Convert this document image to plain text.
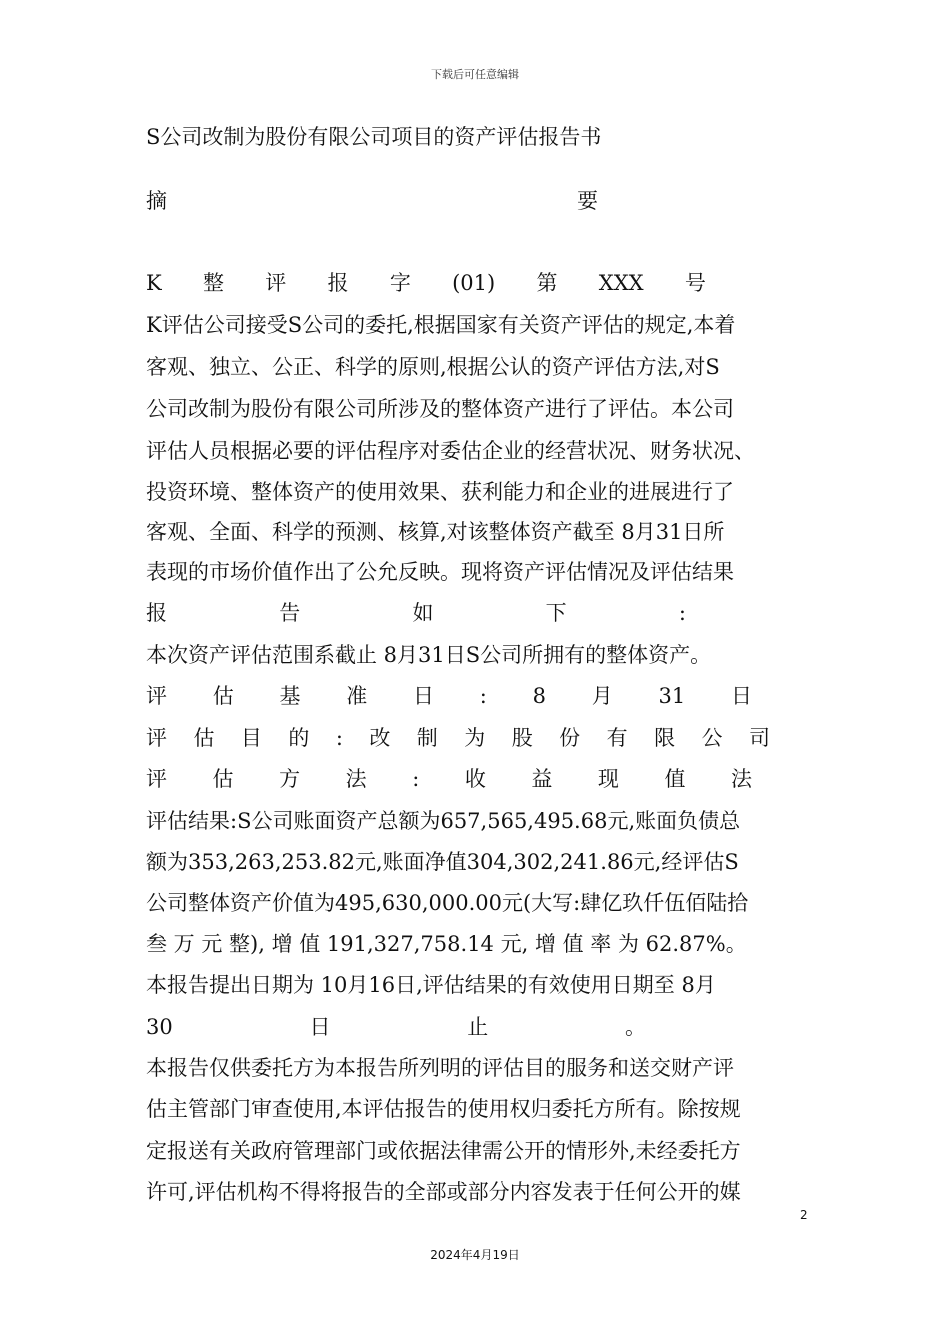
下载后可任意编辑
S公司改制为股份有限公司项目的资产评估报告书
摘	要
K 整 评 报 字 (01) 第 XXX 号
K评估公司接受S公司的委托,根据国家有关资产评估的规定,本着
客观、独立、公正、科学的原则,根据公认的资产评估方法,对S
公司改制为股份有限公司所涉及的整体资产进行了评估。本公司
评估人员根据必要的评估程序对委估企业的经营状况、财务状况、
投资环境、整体资产的使用效果、获利能力和企业的进展进行了
客观、全面、科学的预测、核算,对该整体资产截至 8月31日所
表现的市场价值作出了公允反映。现将资产评估情况及评估结果
报	告	如	下	:
本次资产评估范围系截止 8月31日S公司所拥有的整体资产。
评 估 基 准 日 : 8 月 31 日
评 估 目 的 : 改 制 为 股 份 有 限 公 司
评 估 方 法 : 收 益 现 值 法
评估结果:S公司账面资产总额为657,565,495.68元,账面负债总
额为353,263,253.82元,账面净值304,302,241.86元,经评估S
公司整体资产价值为495,630,000.00元(大写:肆亿玖仟伍佰陆拾
叁 万 元 整), 增 值 191,327,758.14 元, 增 值 率 为 62.87%。
本报告提出日期为 10月16日,评估结果的有效使用日期至 8月
30	日	止	。
本报告仅供委托方为本报告所列明的评估目的服务和送交财产评
估主管部门审查使用,本评估报告的使用权归委托方所有。除按规
定报送有关政府管理部门或依据法律需公开的情形外,未经委托方
许可,评估机构不得将报告的全部或部分内容发表于任何公开的媒
2
2024年4月19日
